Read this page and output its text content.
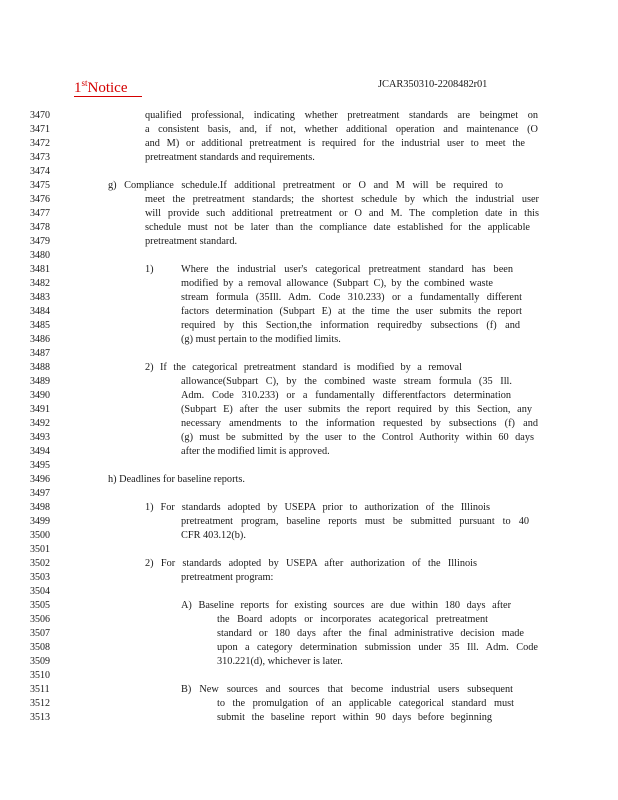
1stNotice	JCAR350310-2208482r01
3470	qualified professional, indicating whether pretreatment standards are beingmet on
3471	a consistent basis, and, if not, whether additional operation and maintenance (O
3472	and M) or additional pretreatment is required for the industrial user to meet the
3473	pretreatment standards and requirements.
3474
3475	g) Compliance schedule.If additional pretreatment or O and M will be required to
3476	meet the pretreatment standards; the shortest schedule by which the industrial user
3477	will provide such additional pretreatment or O and M. The completion date in this
3478	schedule must not be later than the compliance date established for the applicable
3479	pretreatment standard.
3480
3481	1)
3482	modified by a removal allowance (Subpart C), by the combined waste
3483	stream formula (35Ill. Adm. Code 310.233) or a fundamentally different
3484	factors determination (Subpart E) at the time the user submits the report
3485	required by this Section,the information requiredby subsections (f) and
3486	(g) must pertain to the modified limits.
3487
3488	2) If the categorical pretreatment standard is modified by a removal
3489	allowance(Subpart C), by the combined waste stream formula (35 Ill.
3490	Adm. Code 310.233) or a fundamentally differentfactors determination
3491	(Subpart E) after the user submits the report required by this Section, any
3492	necessary amendments to the information requested by subsections (f) and
3493	(g) must be submitted by the user to the Control Authority within 60 days
3494	after the modified limit is approved.
3495
3496	h) Deadlines for baseline reports.
3497
3498	1) For standards adopted by USEPA prior to authorization of the Illinois
3499	pretreatment program, baseline reports must be submitted pursuant to 40
3500	CFR 403.12(b).
3501
3502	2) For standards adopted by USEPA after authorization of the Illinois
3503	pretreatment program:
3504
3505	A) Baseline reports for existing sources are due within 180 days after
3506	the Board adopts or incorporates acategorical pretreatment
3507	standard or 180 days after the final administrative decision made
3508	upon a category determination submission under 35 Ill. Adm. Code
3509	310.221(d), whichever is later.
3510
3511	B) New sources and sources that become industrial users subsequent
3512	to the promulgation of an applicable categorical standard must
3513	submit the baseline report within 90 days before beginning
Where the industrial user's categorical pretreatment standard has been
